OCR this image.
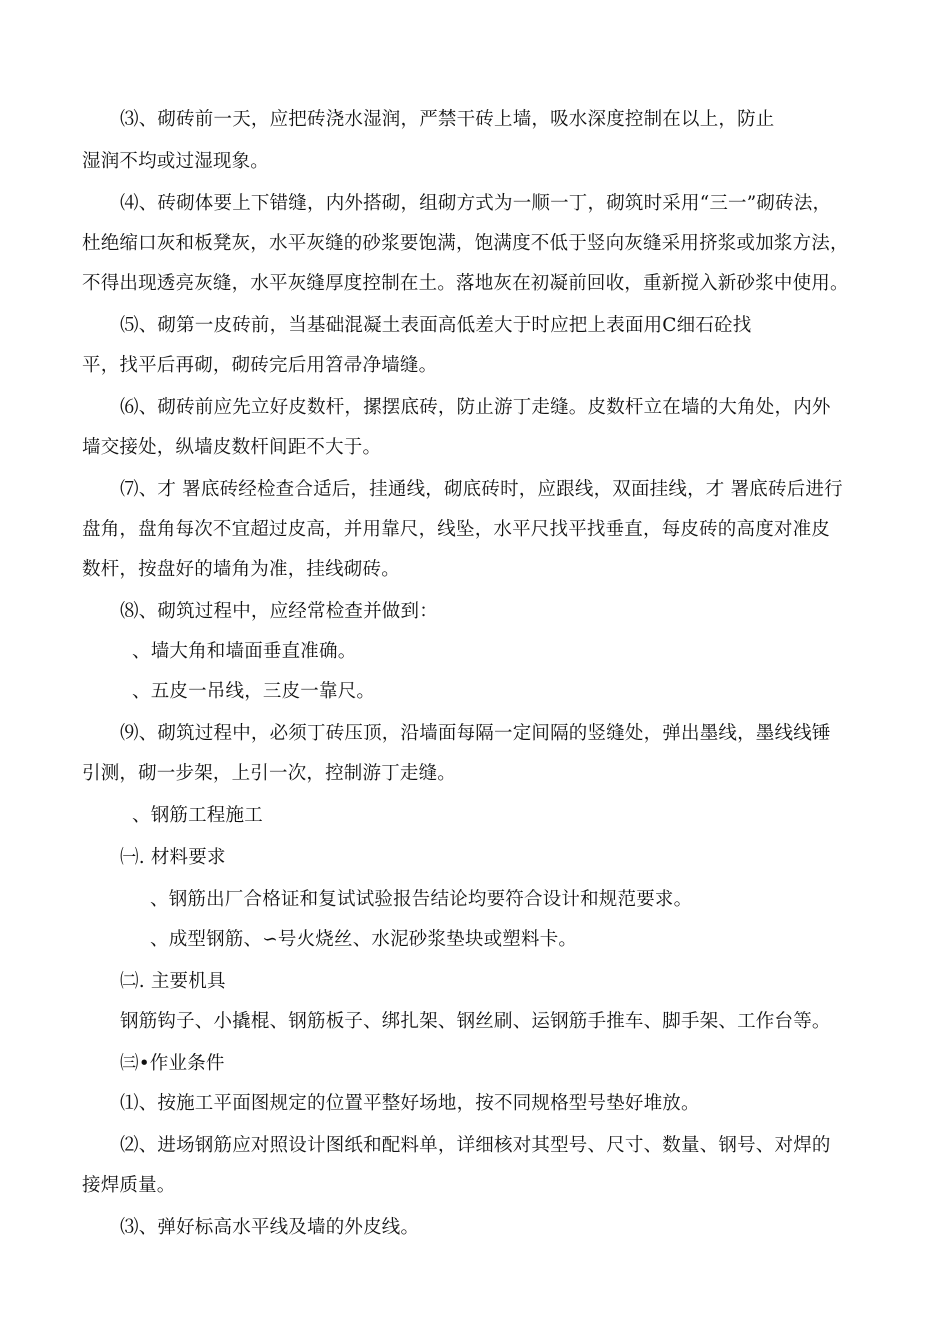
⑶、砌砖前一天，应把砖浇水湿润，严禁干砖上墙，吸水深度控制在以上，防止
湿润不均或过湿现象。
⑷、砖砌体要上下错缝，内外搭砌，组砌方式为一顺一丁，砌筑时采用“三一”砌砖法，
杜绝缩口灰和板凳灰，水平灰缝的砂浆要饱满，饱满度不低于竖向灰缝采用挤浆或加浆方法，
不得出现透亮灰缝，水平灰缝厚度控制在土。落地灰在初凝前回收，重新搅入新砂浆中使用。
⑸、砌第一皮砖前，当基础混凝土表面高低差大于时应把上表面用C细石砼找
平，找平后再砌，砌砖完后用笤帚净墙缝。
⑹、砌砖前应先立好皮数杆，摞摆底砖，防止游丁走缝。皮数杆立在墙的大角处，内外
墙交接处，纵墙皮数杆间距不大于。
⑺、才 署底砖经检查合适后，挂通线，砌底砖时，应跟线，双面挂线，才 署底砖后进行
盘角，盘角每次不宜超过皮高，并用靠尺，线坠，水平尺找平找垂直，每皮砖的高度对准皮
数杆，按盘好的墙角为准，挂线砌砖。
⑻、砌筑过程中，应经常检查并做到：
、墙大角和墙面垂直准确。
、五皮一吊线，三皮一靠尺。
⑼、砌筑过程中，必须丁砖压顶，沿墙面每隔一定间隔的竖缝处，弹出墨线，墨线线锤
引测，砌一步架，上引一次，控制游丁走缝。
、钢筋工程施工
㈠. 材料要求
、钢筋出厂合格证和复试试验报告结论均要符合设计和规范要求。
、成型钢筋、∽号火烧丝、水泥砂浆垫块或塑料卡。
㈡. 主要机具
钢筋钩子、小撬棍、钢筋板子、绑扎架、钢丝刷、运钢筋手推车、脚手架、工作台等。
㈢•作业条件
⑴、按施工平面图规定的位置平整好场地，按不同规格型号垫好堆放。
⑵、进场钢筋应对照设计图纸和配料单，详细核对其型号、尺寸、数量、钢号、对焊的
接焊质量。
⑶、弹好标高水平线及墙的外皮线。
